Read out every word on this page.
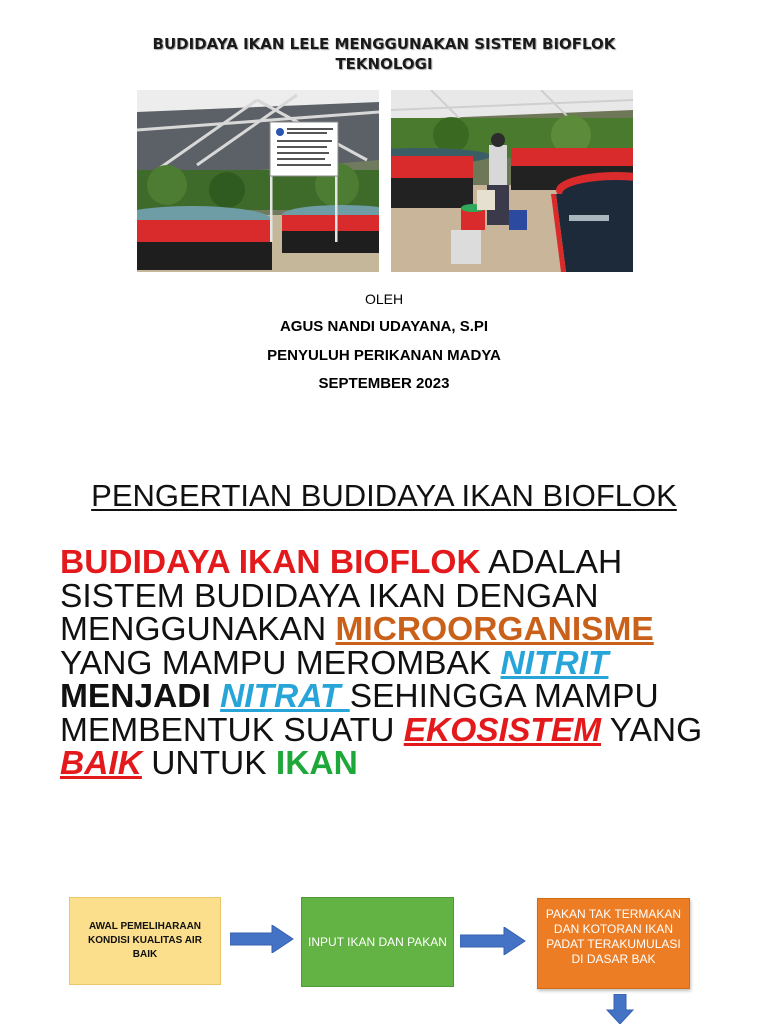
BUDIDAYA IKAN LELE MENGGUNAKAN SISTEM BIOFLOK
TEKNOLOGI
OLEH
AGUS NANDI UDAYANA, S.PI
PENYULUH PERIKANAN MADYA
SEPTEMBER 2023
PENGERTIAN BUDIDAYA IKAN BIOFLOK
BUDIDAYA IKAN BIOFLOK ADALAH
SISTEM BUDIDAYA IKAN DENGAN
MENGGUNAKAN MICROORGANISME
YANG MAMPU MEROMBAK NITRIT
MENJADI NITRAT SEHINGGA MAMPU
MEMBENTUK SUATU EKOSISTEM YANG
BAIK UNTUK IKAN
AWAL PEMELIHARAAN KONDISI KUALITAS AIR BAIK
INPUT IKAN DAN PAKAN
PAKAN TAK TERMAKAN DAN KOTORAN IKAN PADAT TERAKUMULASI DI DASAR BAK
